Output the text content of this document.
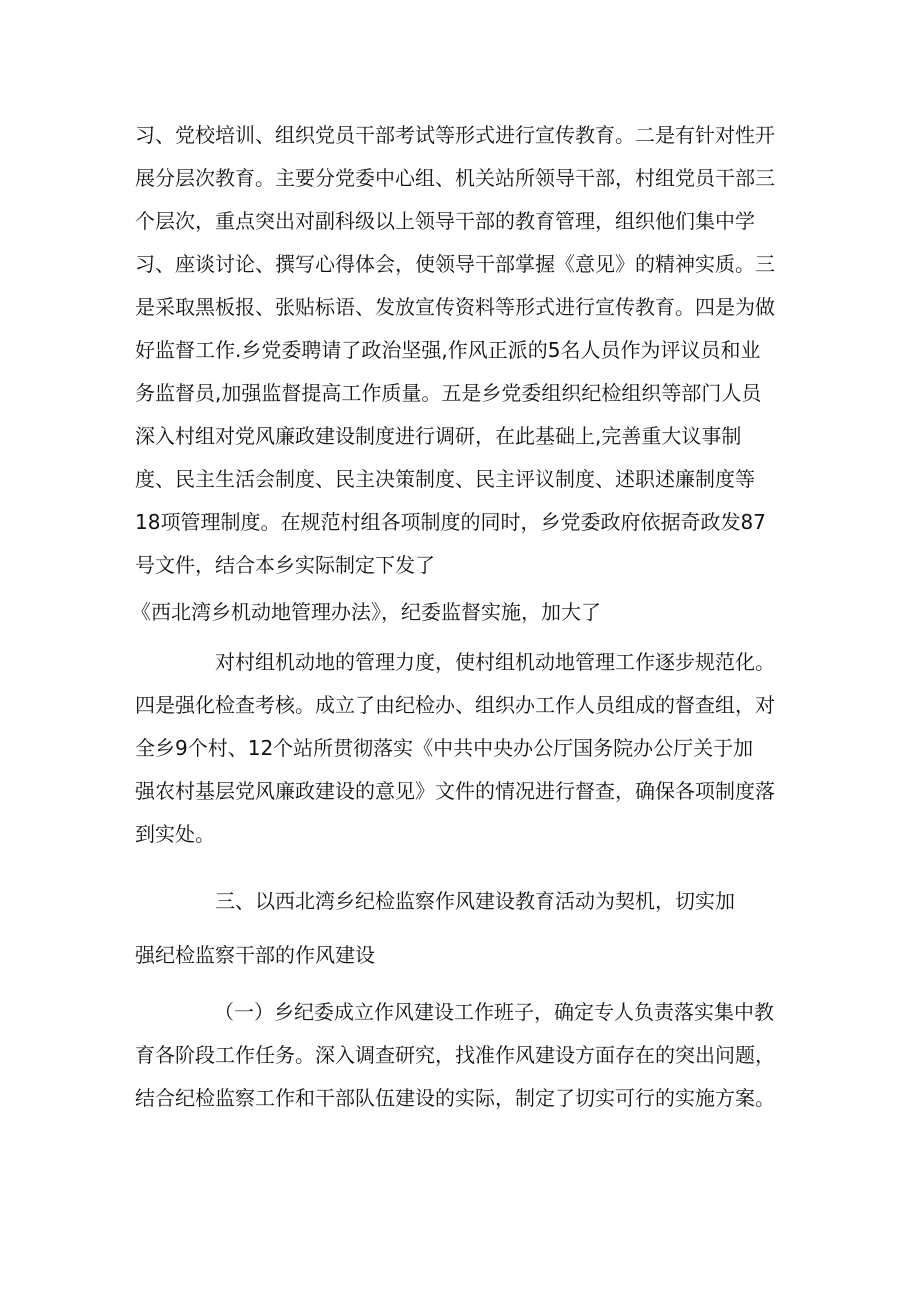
习、党校培训、组织党员干部考试等形式进行宣传教育。二是有针对性开
展分层次教育。主要分党委中心组、机关站所领导干部，村组党员干部三
个层次，重点突出对副科级以上领导干部的教育管理，组织他们集中学
习、座谈讨论、撰写心得体会，使领导干部掌握《意见》的精神实质。三
是采取黑板报、张贴标语、发放宣传资料等形式进行宣传教育。四是为做
好监督工作.乡党委聘请了政治坚强,作风正派的5名人员作为评议员和业
务监督员,加强监督提高工作质量。五是乡党委组织纪检组织等部门人员
深入村组对党风廉政建设制度进行调研，在此基础上,完善重大议事制
度、民主生活会制度、民主决策制度、民主评议制度、述职述廉制度等
18项管理制度。在规范村组各项制度的同时，乡党委政府依据奇政发87
号文件，结合本乡实际制定下发了
《西北湾乡机动地管理办法》，纪委监督实施，加大了
对村组机动地的管理力度，使村组机动地管理工作逐步规范化。
四是强化检查考核。成立了由纪检办、组织办工作人员组成的督查组，对
全乡9个村、12个站所贯彻落实《中共中央办公厅国务院办公厅关于加
强农村基层党风廉政建设的意见》文件的情况进行督查，确保各项制度落
到实处。
三、以西北湾乡纪检监察作风建设教育活动为契机，切实加
强纪检监察干部的作风建设
（一）乡纪委成立作风建设工作班子，确定专人负责落实集中教
育各阶段工作任务。深入调查研究，找准作风建设方面存在的突出问题，
结合纪检监察工作和干部队伍建设的实际，制定了切实可行的实施方案。
